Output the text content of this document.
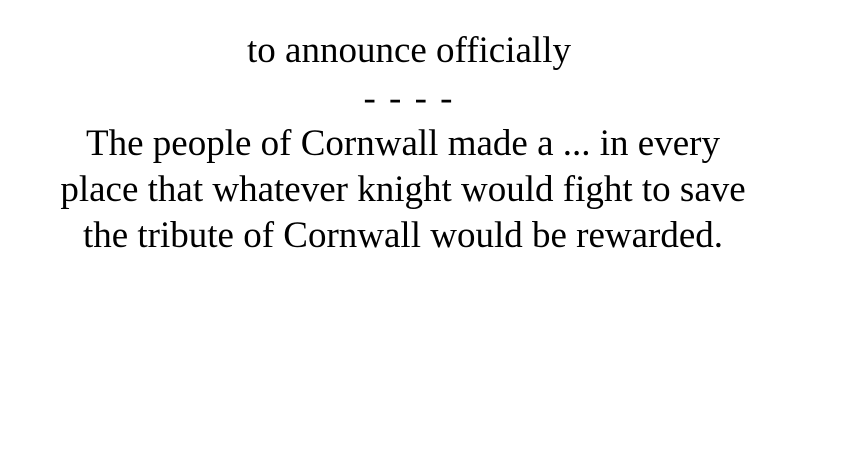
to announce officially
- - - -
The people of Cornwall made a ... in every
place that whatever knight would fight to save
the tribute of Cornwall would be rewarded.
